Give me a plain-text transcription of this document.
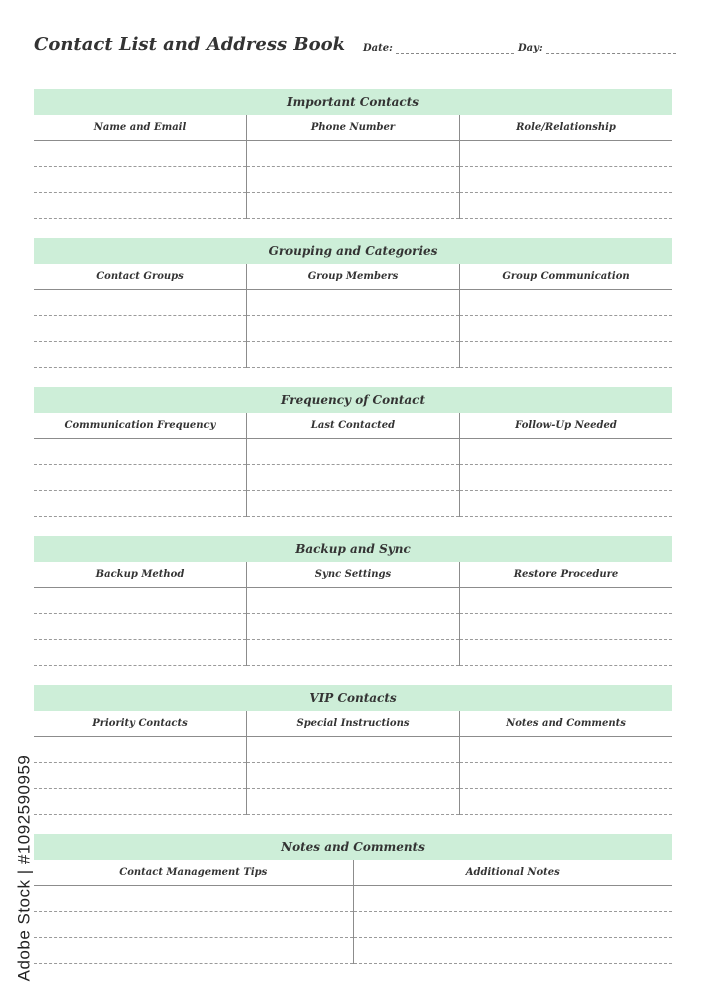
Contact List and Address Book Date:	Day:
Important Contacts
Name and Email	Phone Number	Role/Relationship
Grouping and Categories
Contact Groups	Group Members	Group Communication
Frequency of Contact
Communication Frequency	Last Contacted	Follow-Up Needed
Backup and Sync
Backup Method	Sync Settings	Restore Procedure
VIP Contacts
Priority Contacts	Special Instructions	Notes and Comments
Notes and Comments
Contact Management Tips	Additional Notes
Adobe Stock | #1092590959
